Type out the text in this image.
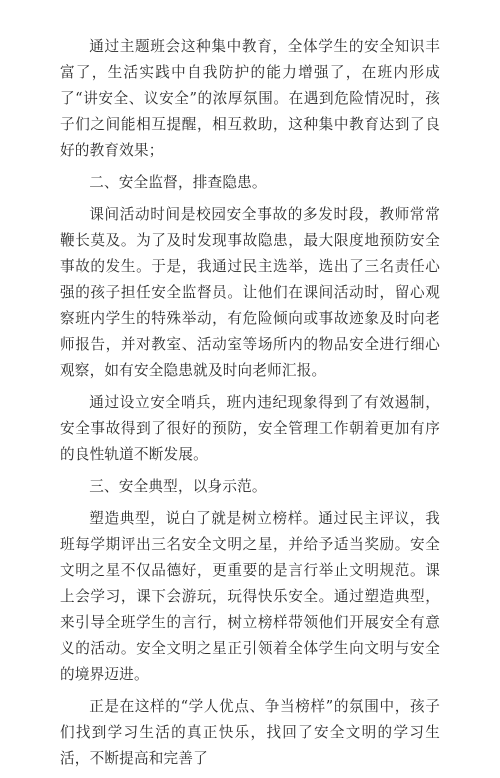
通过主题班会这种集中教育，全体学生的安全知识丰富了，生活实践中自我防护的能力增强了，在班内形成了“讲安全、议安全”的浓厚氛围。在遇到危险情况时，孩子们之间能相互提醒，相互救助，这种集中教育达到了良好的教育效果；

二、安全监督，排查隐患。

课间活动时间是校园安全事故的多发时段，教师常常鞭长莫及。为了及时发现事故隐患，最大限度地预防安全事故的发生。于是，我通过民主选举，选出了三名责任心强的孩子担任安全监督员。让他们在课间活动时，留心观察班内学生的特殊举动，有危险倾向或事故迹象及时向老师报告，并对教室、活动室等场所内的物品安全进行细心观察，如有安全隐患就及时向老师汇报。

通过设立安全哨兵，班内违纪现象得到了有效遏制，安全事故得到了很好的预防，安全管理工作朝着更加有序的良性轨道不断发展。

三、安全典型，以身示范。

塑造典型，说白了就是树立榜样。通过民主评议，我班每学期评出三名安全文明之星，并给予适当奖励。安全文明之星不仅品德好，更重要的是言行举止文明规范。课上会学习，课下会游玩，玩得快乐安全。通过塑造典型，来引导全班学生的言行，树立榜样带领他们开展安全有意义的活动。安全文明之星正引领着全体学生向文明与安全的境界迈进。

正是在这样的“学人优点、争当榜样”的氛围中，孩子们找到学习生活的真正快乐，找回了安全文明的学习生活，不断提高和完善了
